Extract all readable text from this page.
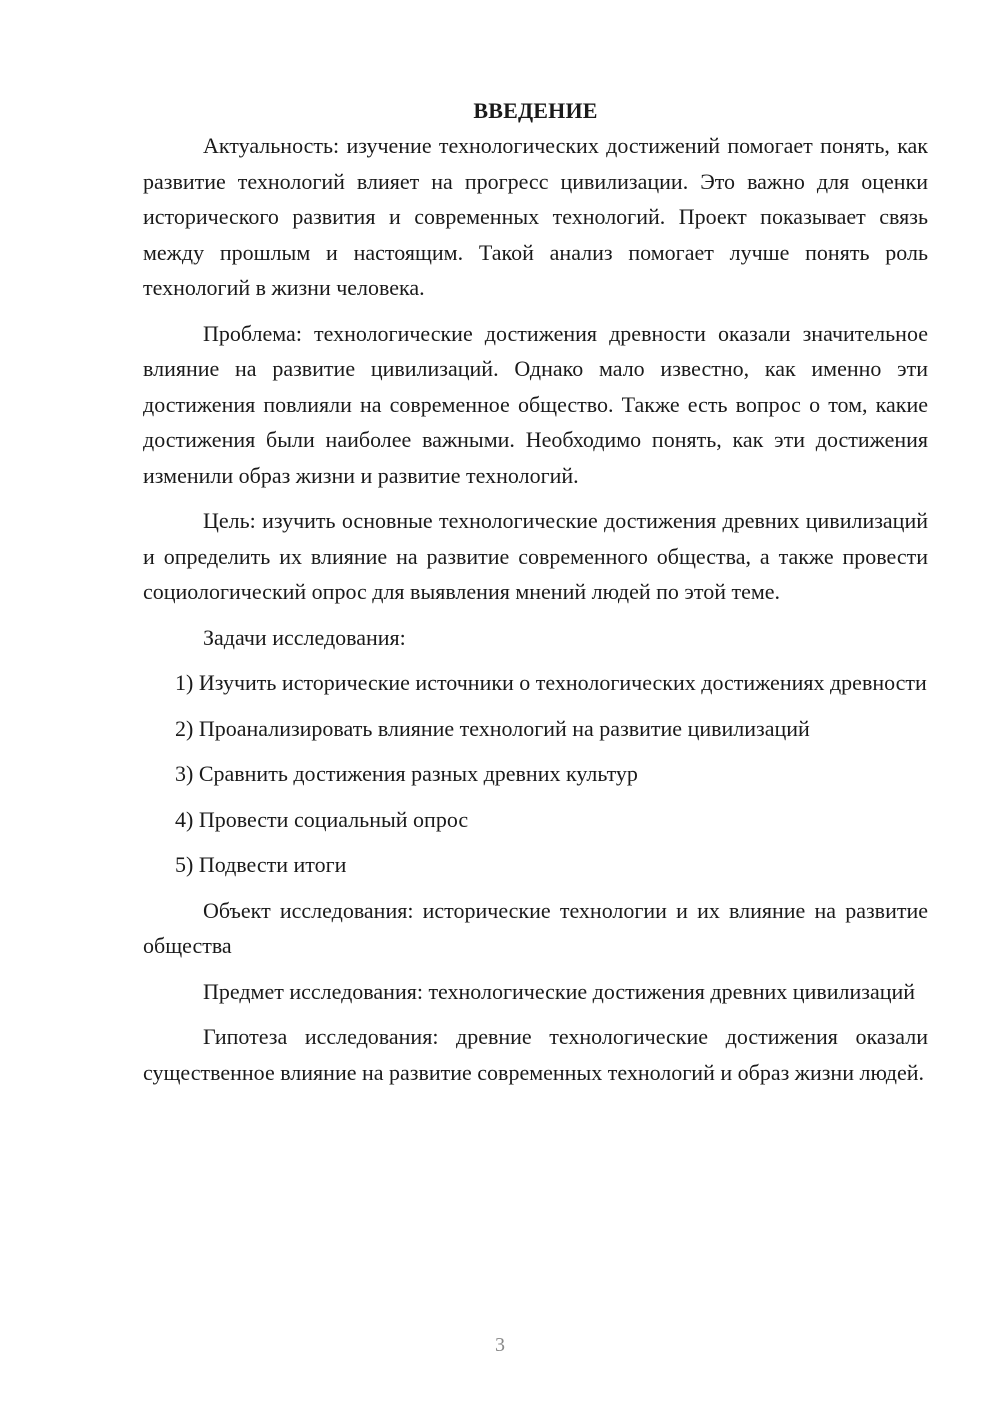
ВВЕДЕНИЕ

Актуальность: изучение технологических достижений помогает понять, как развитие технологий влияет на прогресс цивилизации. Это важно для оценки исторического развития и современных технологий. Проект показывает связь между прошлым и настоящим. Такой анализ помогает лучше понять роль технологий в жизни человека.

Проблема: технологические достижения древности оказали значительное влияние на развитие цивилизаций. Однако мало известно, как именно эти достижения повлияли на современное общество. Также есть вопрос о том, какие достижения были наиболее важными. Необходимо понять, как эти достижения изменили образ жизни и развитие технологий.

Цель: изучить основные технологические достижения древних цивилизаций и определить их влияние на развитие современного общества, а также провести социологический опрос для выявления мнений людей по этой теме.

Задачи исследования:

1) Изучить исторические источники о технологических достижениях древности

2) Проанализировать влияние технологий на развитие цивилизаций

3) Сравнить достижения разных древних культур

4) Провести социальный опрос

5) Подвести итоги

Объект исследования: исторические технологии и их влияние на развитие общества

Предмет исследования: технологические достижения древних цивилизаций

Гипотеза исследования: древние технологические достижения оказали существенное влияние на развитие современных технологий и образ жизни людей.

3
